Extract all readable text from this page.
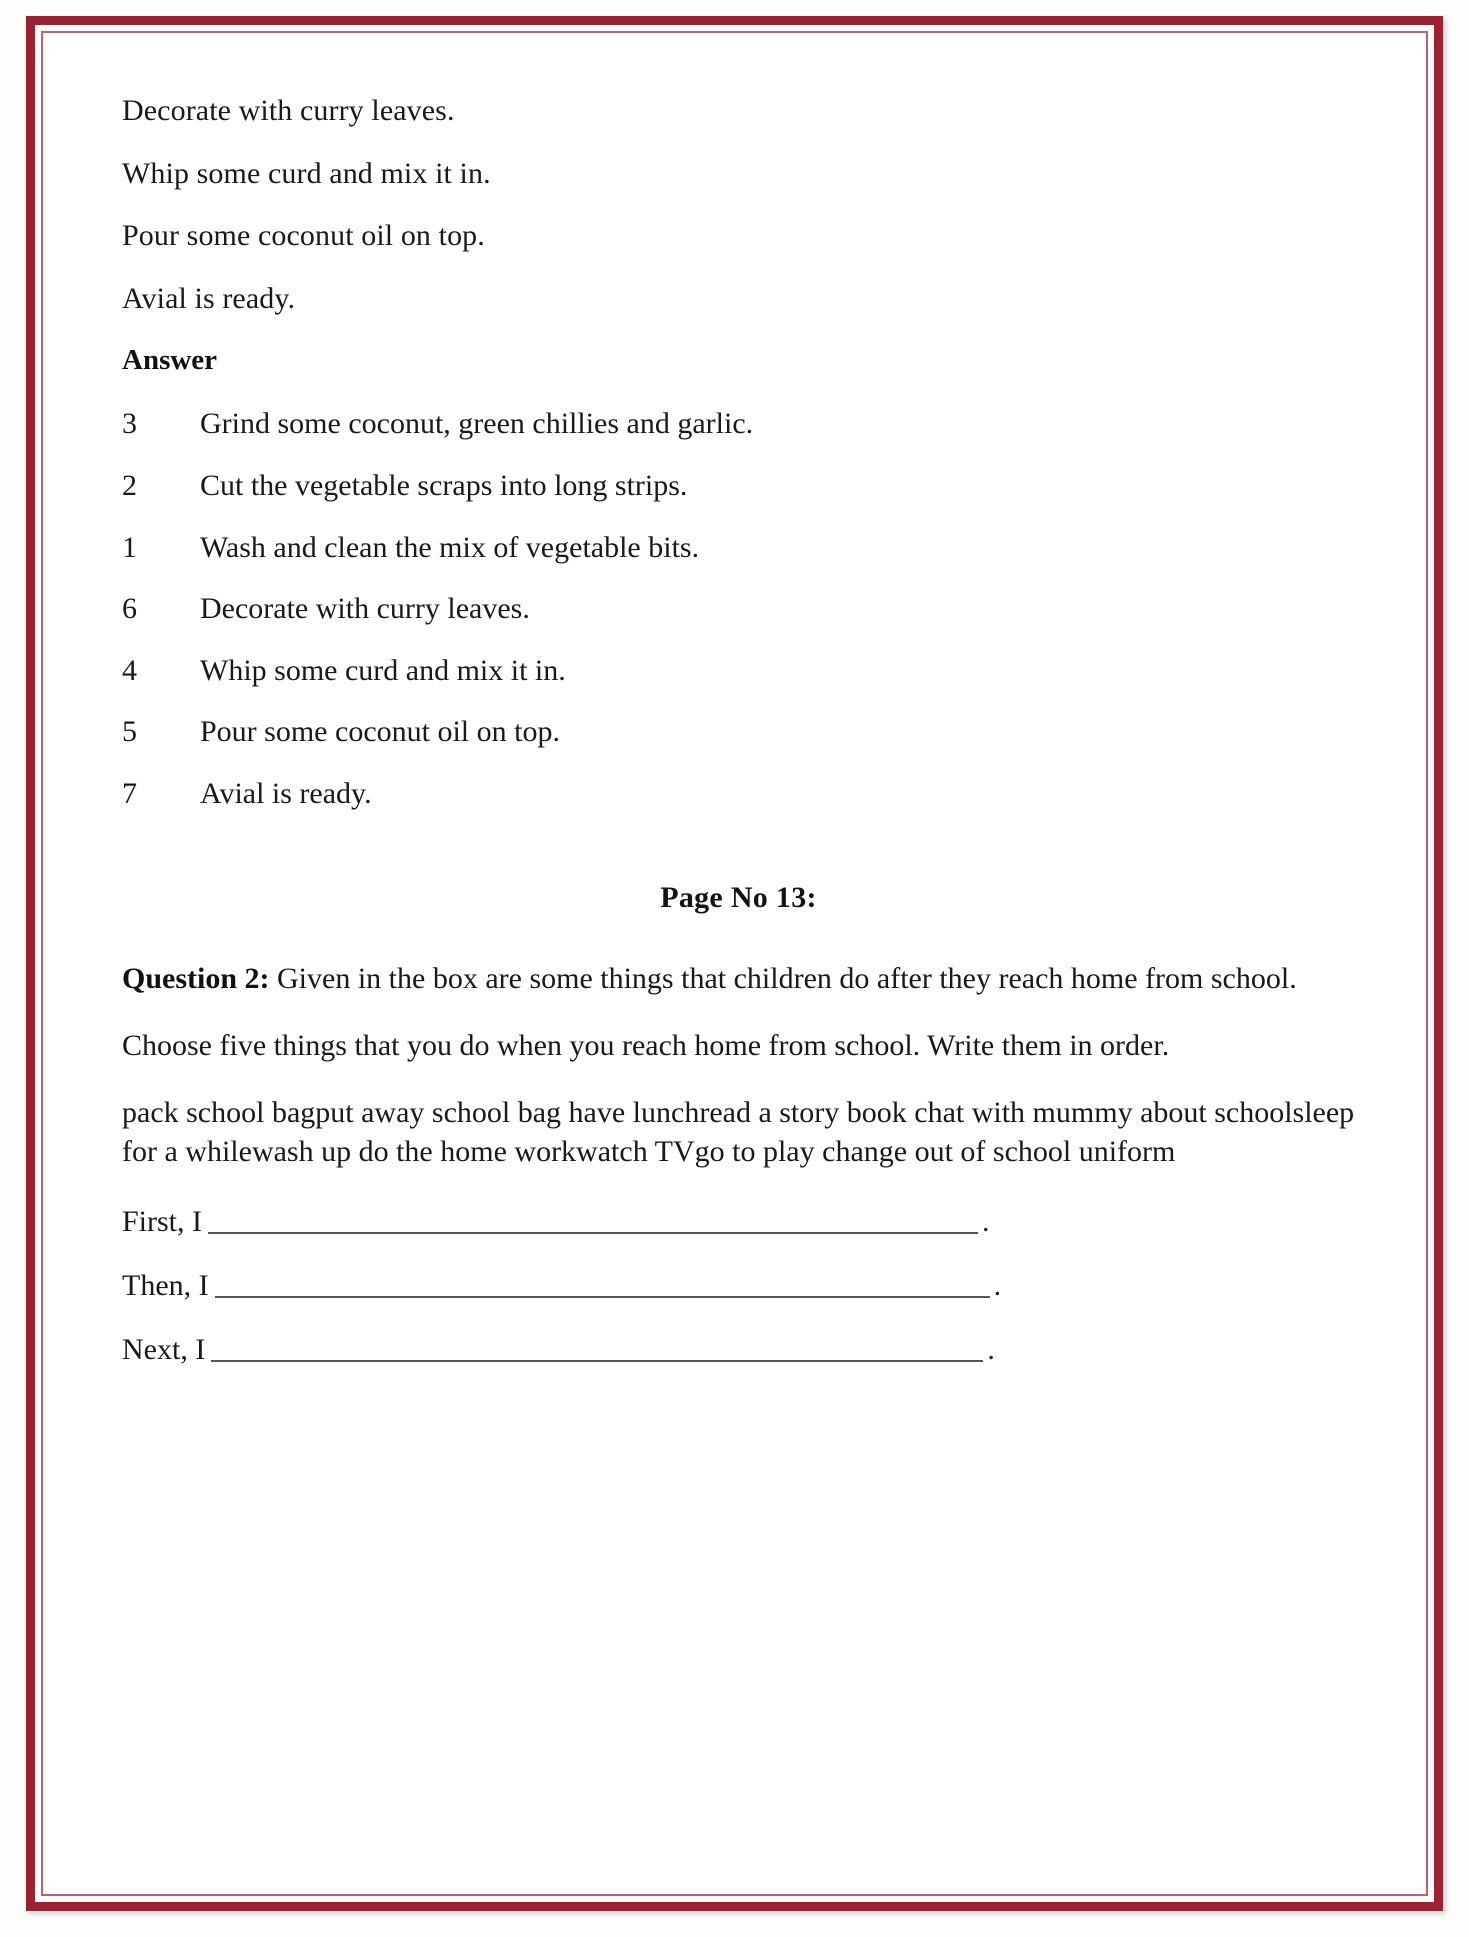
Decorate with curry leaves.

Whip some curd and mix it in.

Pour some coconut oil on top.

Avial is ready.

Answer

3	Grind some coconut, green chillies and garlic.
2	Cut the vegetable scraps into long strips.
1	Wash and clean the mix of vegetable bits.
6	Decorate with curry leaves.
4	Whip some curd and mix it in.
5	Pour some coconut oil on top.
7	Avial is ready.

Page No 13:

Question 2: Given in the box are some things that children do after they reach home from school.

Choose five things that you do when you reach home from school. Write them in order.

pack school bagput away school bag have lunchread a story book chat with mummy about schoolsleep for a whilewash up do the home workwatch TVgo to play change out of school uniform

First, I	.
Then, I	.
Next, I	.
